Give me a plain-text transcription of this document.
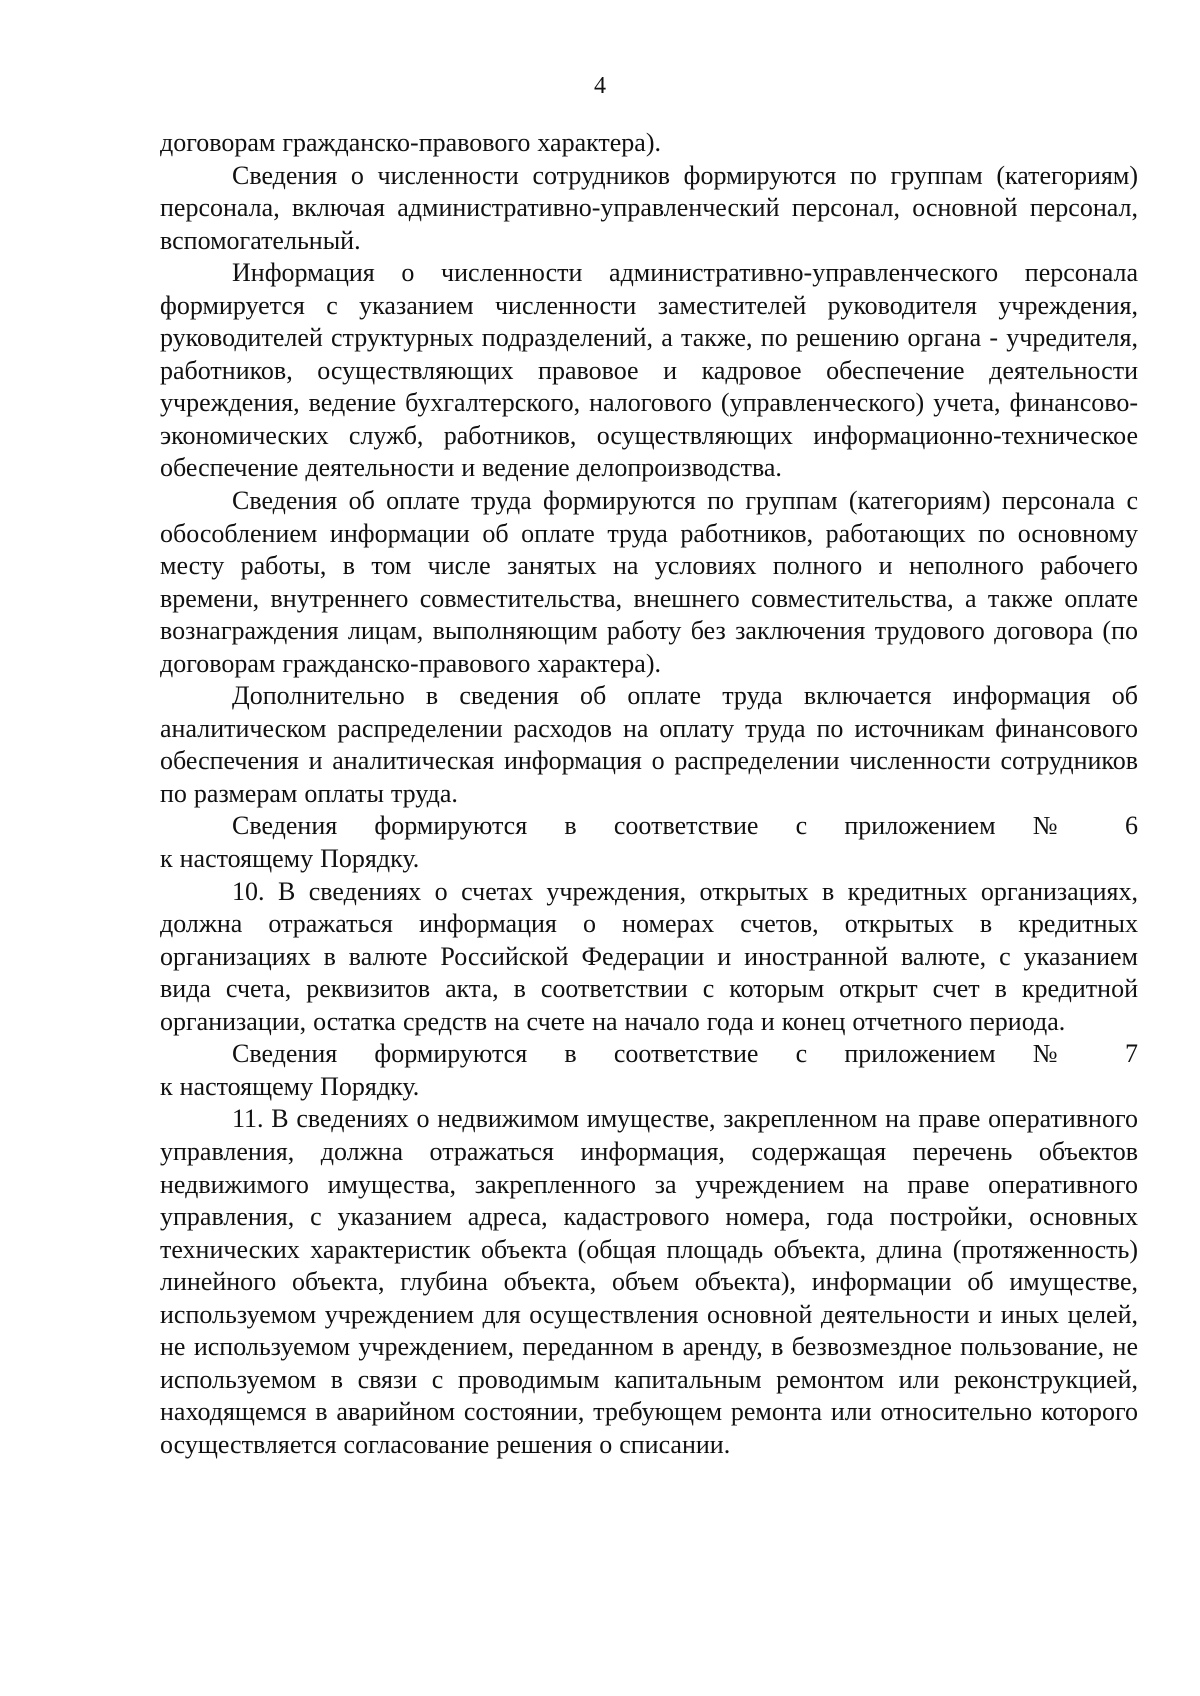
4

договорам гражданско-правового характера).

Сведения о численности сотрудников формируются по группам (категориям) персонала, включая административно-управленческий персонал, основной персонал, вспомогательный.

Информация о численности административно-управленческого персонала формируется с указанием численности заместителей руководителя учреждения, руководителей структурных подразделений, а также, по решению органа - учредителя, работников, осуществляющих правовое и кадровое обеспечение деятельности учреждения, ведение бухгалтерского, налогового (управленческого) учета, финансово-экономических служб, работников, осуществляющих информационно-техническое обеспечение деятельности и ведение делопроизводства.

Сведения об оплате труда формируются по группам (категориям) персонала с обособлением информации об оплате труда работников, работающих по основному месту работы, в том числе занятых на условиях полного и неполного рабочего времени, внутреннего совместительства, внешнего совместительства, а также оплате вознаграждения лицам, выполняющим работу без заключения трудового договора (по договорам гражданско-правового характера).

Дополнительно в сведения об оплате труда включается информация об аналитическом распределении расходов на оплату труда по источникам финансового обеспечения и аналитическая информация о распределении численности сотрудников по размерам оплаты труда.

Сведения формируются в соответствие с приложением № 6

к настоящему Порядку.

10. В сведениях о счетах учреждения, открытых в кредитных организациях, должна отражаться информация о номерах счетов, открытых в кредитных организациях в валюте Российской Федерации и иностранной валюте, с указанием вида счета, реквизитов акта, в соответствии с которым открыт счет в кредитной организации, остатка средств на счете на начало года и конец отчетного периода.

Сведения формируются в соответствие с приложением № 7

к настоящему Порядку.

11. В сведениях о недвижимом имуществе, закрепленном на праве оперативного управления, должна отражаться информация, содержащая перечень объектов недвижимого имущества, закрепленного за учреждением на праве оперативного управления, с указанием адреса, кадастрового номера, года постройки, основных технических характеристик объекта (общая площадь объекта, длина (протяженность) линейного объекта, глубина объекта, объем объекта), информации об имуществе, используемом учреждением для осуществления основной деятельности и иных целей, не используемом учреждением, переданном в аренду, в безвозмездное пользование, не используемом в связи с проводимым капитальным ремонтом или реконструкцией, находящемся в аварийном состоянии, требующем ремонта или относительно которого осуществляется согласование решения о списании.
